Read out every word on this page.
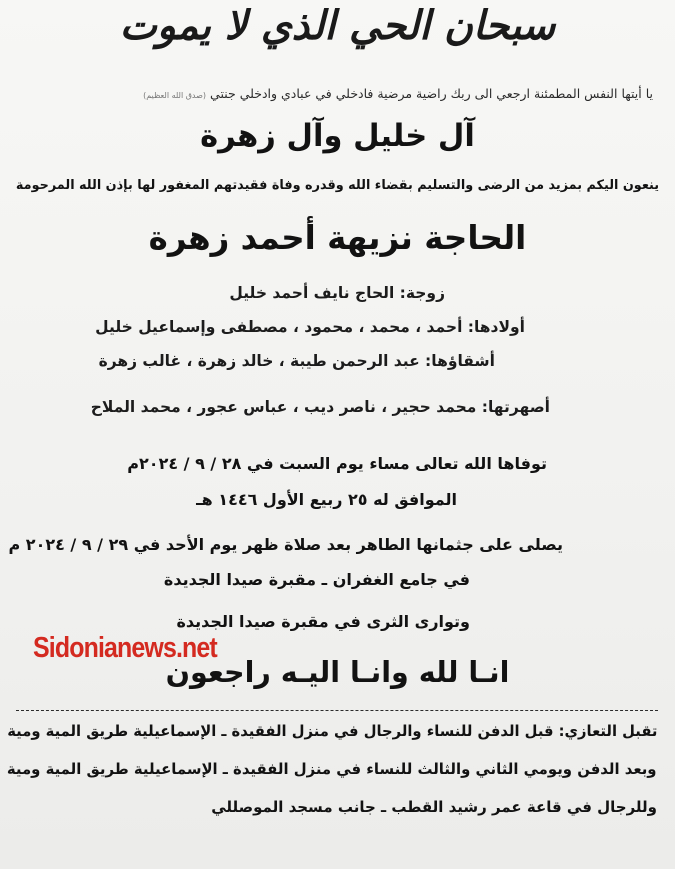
سبحان الحي الذي لا يموت
يا أيتها النفس المطمئنة ارجعي الى ربك راضية مرضية فادخلي في عبادي وادخلي جنتي (صدق الله العظيم)
آل خليل وآل زهرة
ينعون اليكم بمزيد من الرضى والتسليم بقضاء الله وقدره وفاة فقيدتهم المغفور لها بإذن الله المرحومة
الحاجة نزيهة أحمد زهرة
زوجة: الحاج نايف أحمد خليل
أولادها: أحمد ، محمد ، محمود ، مصطفى وإسماعيل خليل
أشقاؤها: عبد الرحمن طيبة ، خالد زهرة ، غالب زهرة
أصهرتها: محمد حجير ، ناصر ديب ، عباس عجور ، محمد الملاح
توفاها الله تعالى مساء يوم السبت في ٢٨ / ٩ / ٢٠٢٤م
الموافق له ٢٥ ربيع الأول ١٤٤٦ هـ
يصلى على جثمانها الطاهر بعد صلاة ظهر يوم الأحد في ٢٩ / ٩ / ٢٠٢٤ م
في جامع الغفران ـ مقبرة صيدا الجديدة
وتوارى الثرى في مقبرة صيدا الجديدة
Sidonianews.net
انـا لله وانـا اليـه راجعون
تقبل التعازي: قبل الدفن للنساء والرجال في منزل الفقيدة ـ الإسماعيلية طريق المية ومية
وبعد الدفن ويومي الثاني والثالث للنساء في منزل الفقيدة ـ الإسماعيلية طريق المية ومية
وللرجال في قاعة عمر رشيد القطب ـ جانب مسجد الموصللي
